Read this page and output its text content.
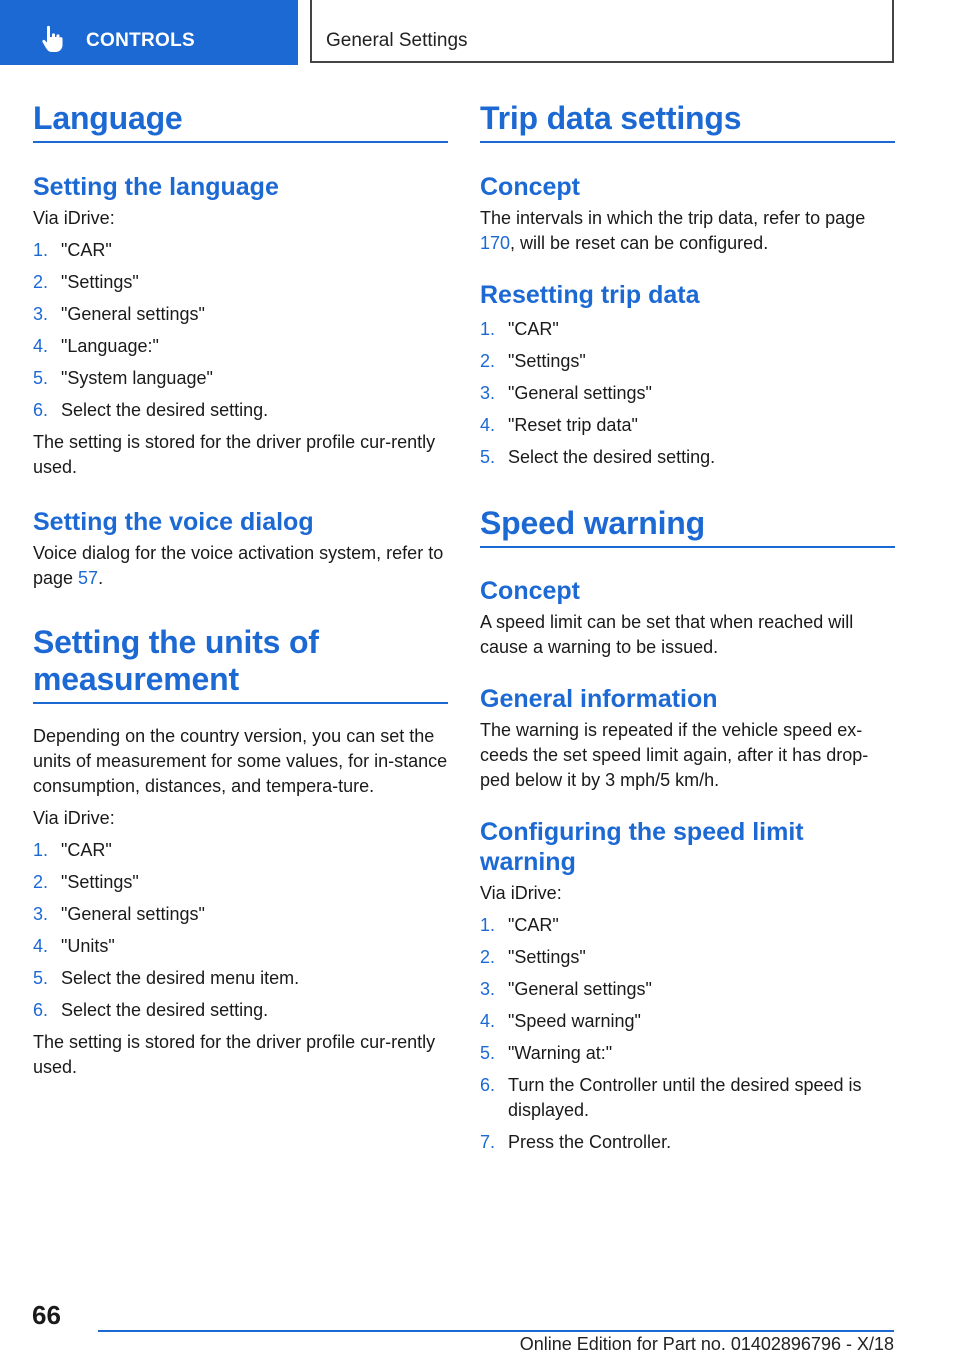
CONTROLS	General Settings
Language
Setting the language

Via iDrive:

1. "CAR"
2. "Settings"
3. "General settings"
4. "Language:"
5. "System language"
6. Select the desired setting.

The setting is stored for the driver profile cur-rently used.

Setting the voice dialog

Voice dialog for the voice activation system, refer to page 57.

Setting the units of measurement

Depending on the country version, you can set the units of measurement for some values, for in-stance consumption, distances, and tempera-ture.

Via iDrive:

1. "CAR"
2. "Settings"
3. "General settings"
4. "Units"
5. Select the desired menu item.
6. Select the desired setting.

The setting is stored for the driver profile cur-rently used.

Trip data settings
Concept

The intervals in which the trip data, refer to page 170, will be reset can be configured.

Resetting trip data
1. "CAR"
2. "Settings"
3. "General settings"
4. "Reset trip data"
5. Select the desired setting.
Speed warning
Concept

A speed limit can be set that when reached will cause a warning to be issued.

General information

The warning is repeated if the vehicle speed ex-ceeds the set speed limit again, after it has drop-ped below it by 3 mph/5 km/h.

Configuring the speed limit warning

Via iDrive:

1. "CAR"
2. "Settings"
3. "General settings"
4. "Speed warning"
5. "Warning at:"
6. Turn the Controller until the desired speed is displayed.
7. Press the Controller.
66
Online Edition for Part no. 01402896796 - X/18
